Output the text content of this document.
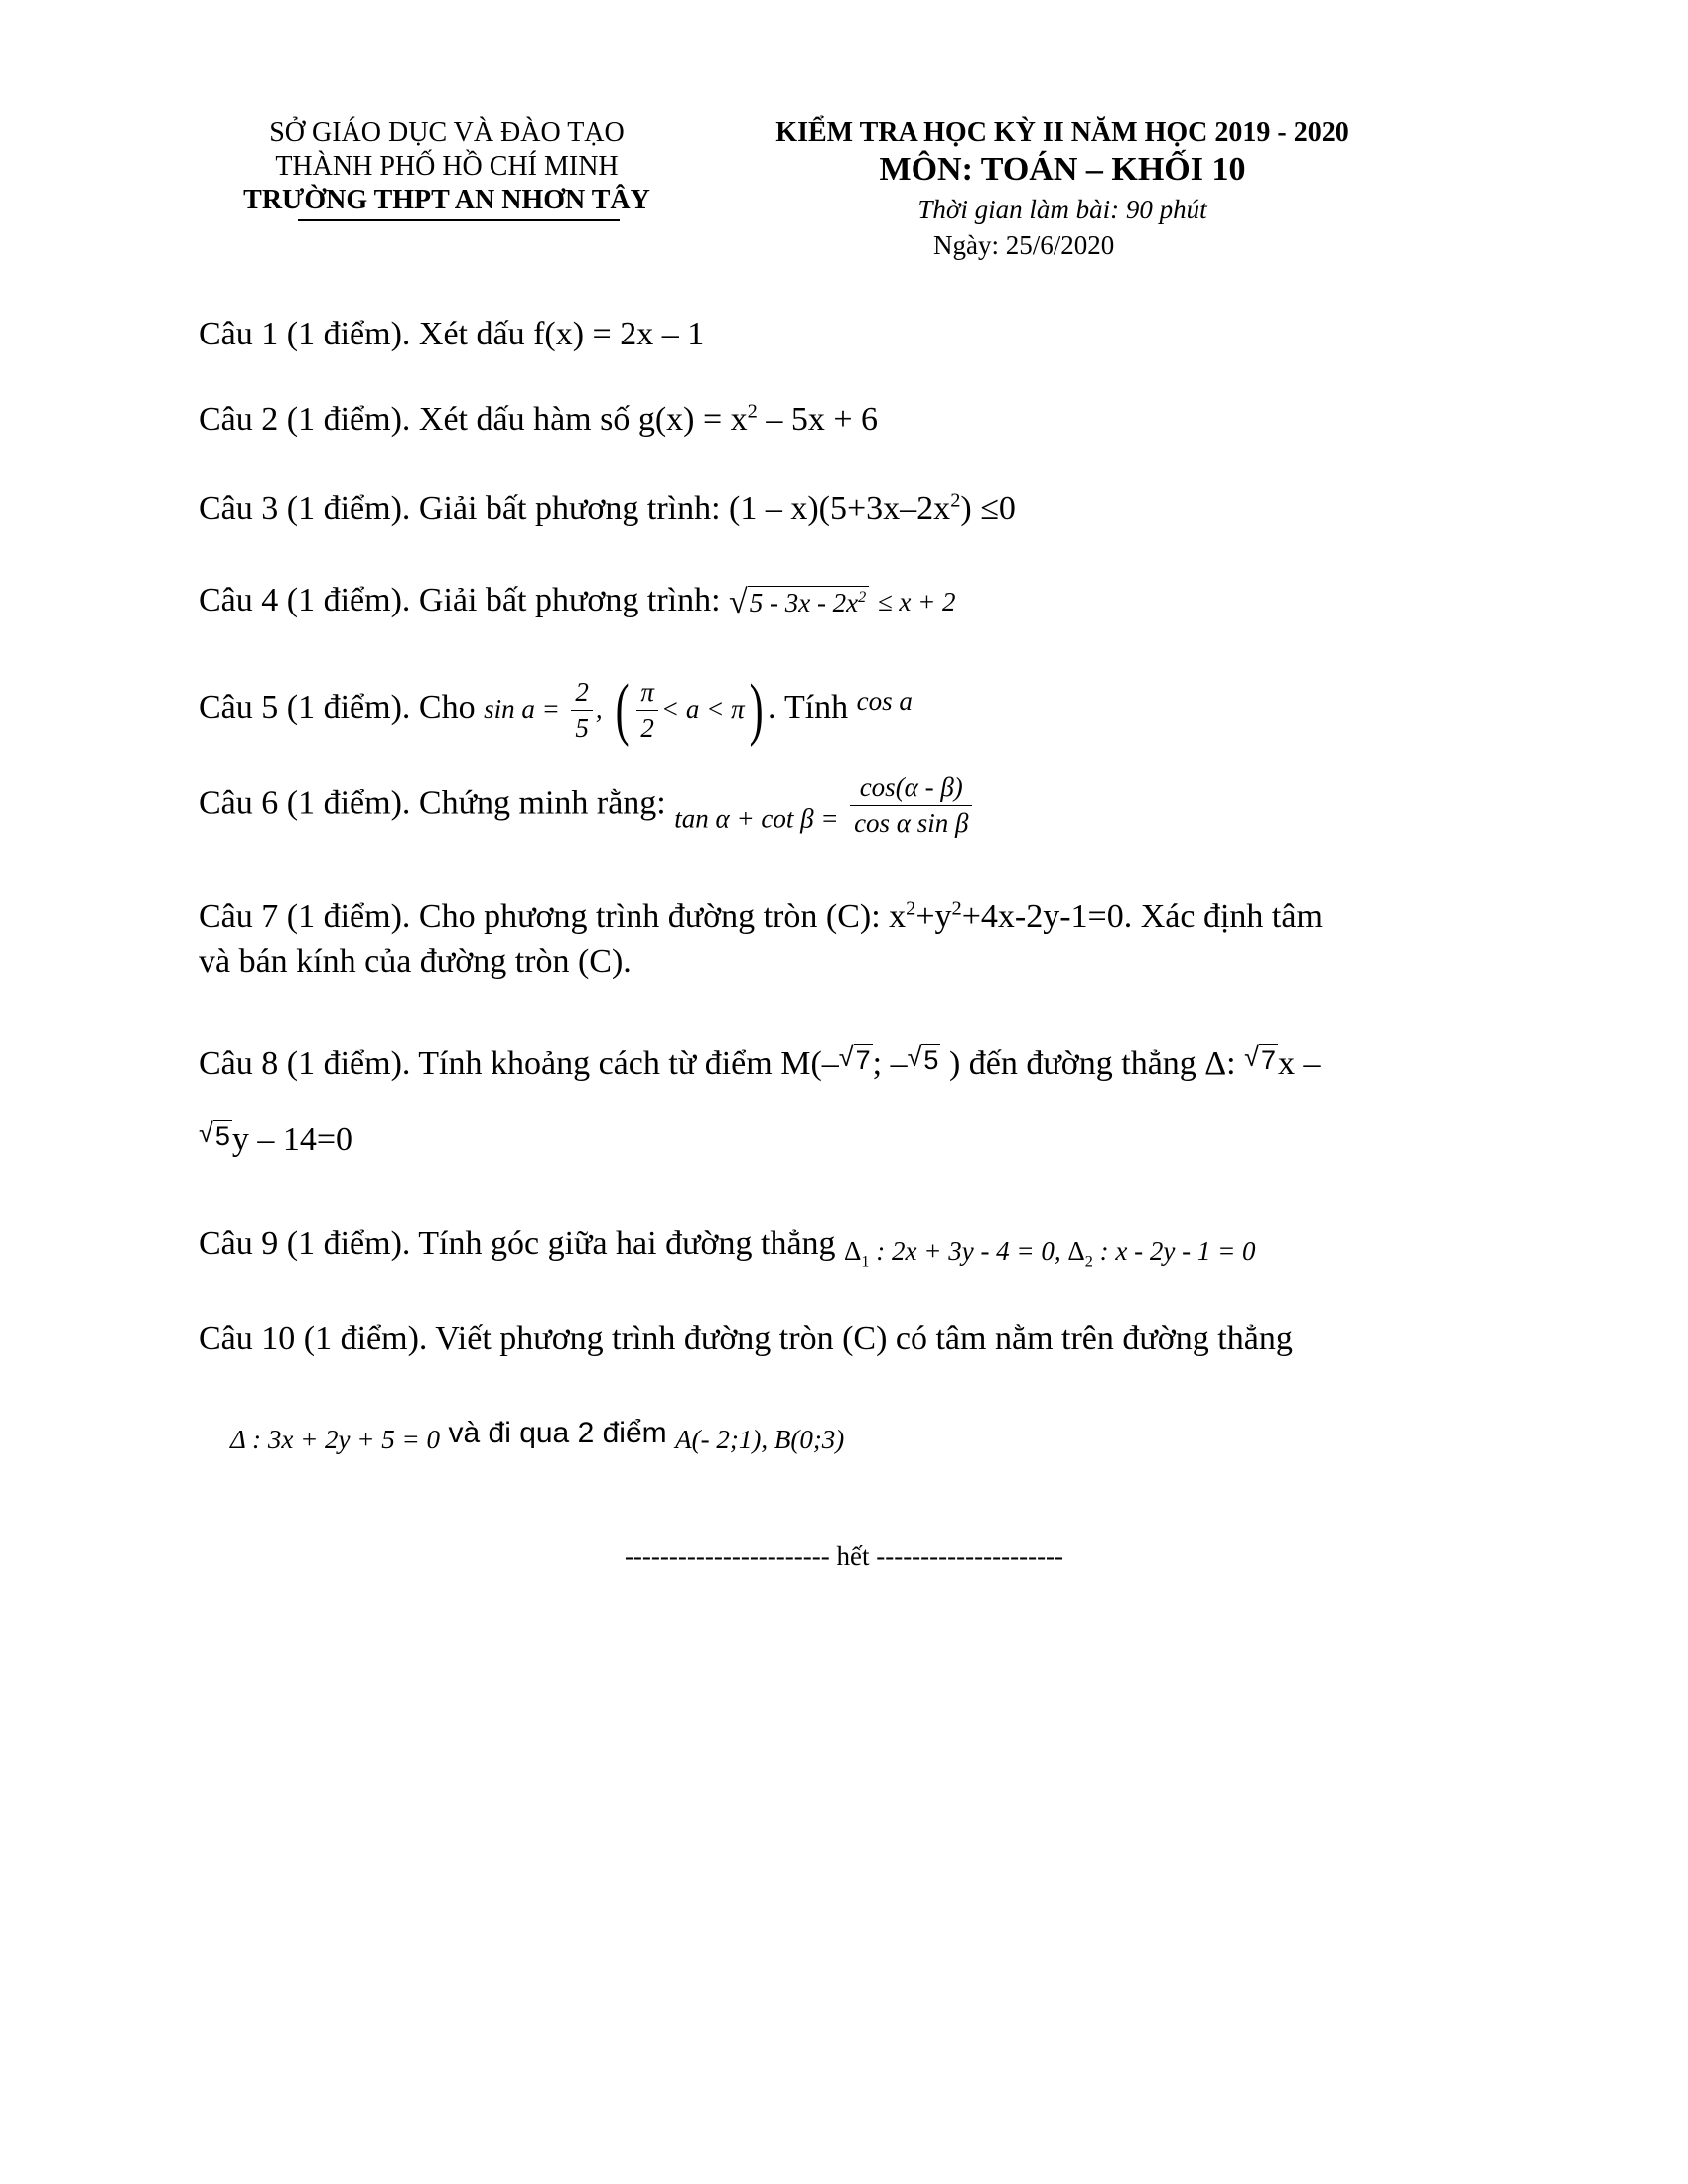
SỞ GIÁO DỤC VÀ ĐÀO TẠO
THÀNH PHỐ HỒ CHÍ MINH
TRƯỜNG THPT AN NHƠN TÂY
KIỂM TRA HỌC KỲ II NĂM HỌC 2019 - 2020
MÔN: TOÁN – KHỐI 10
Thời gian làm bài: 90 phút
Ngày: 25/6/2020
Câu 1 (1 điểm). Xét dấu f(x) = 2x – 1
Câu 2 (1 điểm). Xét dấu hàm số $g(x) = x^2 - 5x + 6$
Câu 3 (1 điểm). Giải bất phương trình: $(1 - x)(5+3x-2x^2) \le 0$
Câu 4 (1 điểm). Giải bất phương trình: √ $5 - 3x - 2x^2 \le x + 2$
Câu 5 (1 điểm). Cho $\sin a = \frac{2}{5}$ , ( $\frac{\pi}{2} < a < \pi$) . Tính $^{cos a}$
Câu 6 (1 điểm). Chứng minh rằng: $_{tan \alpha + cot \beta =} \frac{\cos(\alpha - \beta)}{\text{cos α sin β}}$
Câu 7 (1 điểm). Cho phương trình đường tròn (C): $x^2+y^2+4x-2y-1=0$. Xác định tâm
và bán kính của đường tròn (C).
Câu 8 (1 điểm). Tính khoảng cách từ điểm M(– √ 7 ; – √ 5 ) đến đường thẳng Δ: √ 7 x –
√ 5 y – 14=0
Câu 9 (1 điểm). Tính góc giữa hai đường thẳng $\Delta_1$ : 2x + 3y - 4 = 0, $\Delta_2$ : x - 2y - 1 = 0
Câu 10 (1 điểm). Viết phương trình đường tròn (C) có tâm nằm trên đường thẳng
Δ : 3x + 2y + 5 = 0 và đi qua 2 điểm A(- 2;1), B(0;3)
----------------------- hết ---------------------
